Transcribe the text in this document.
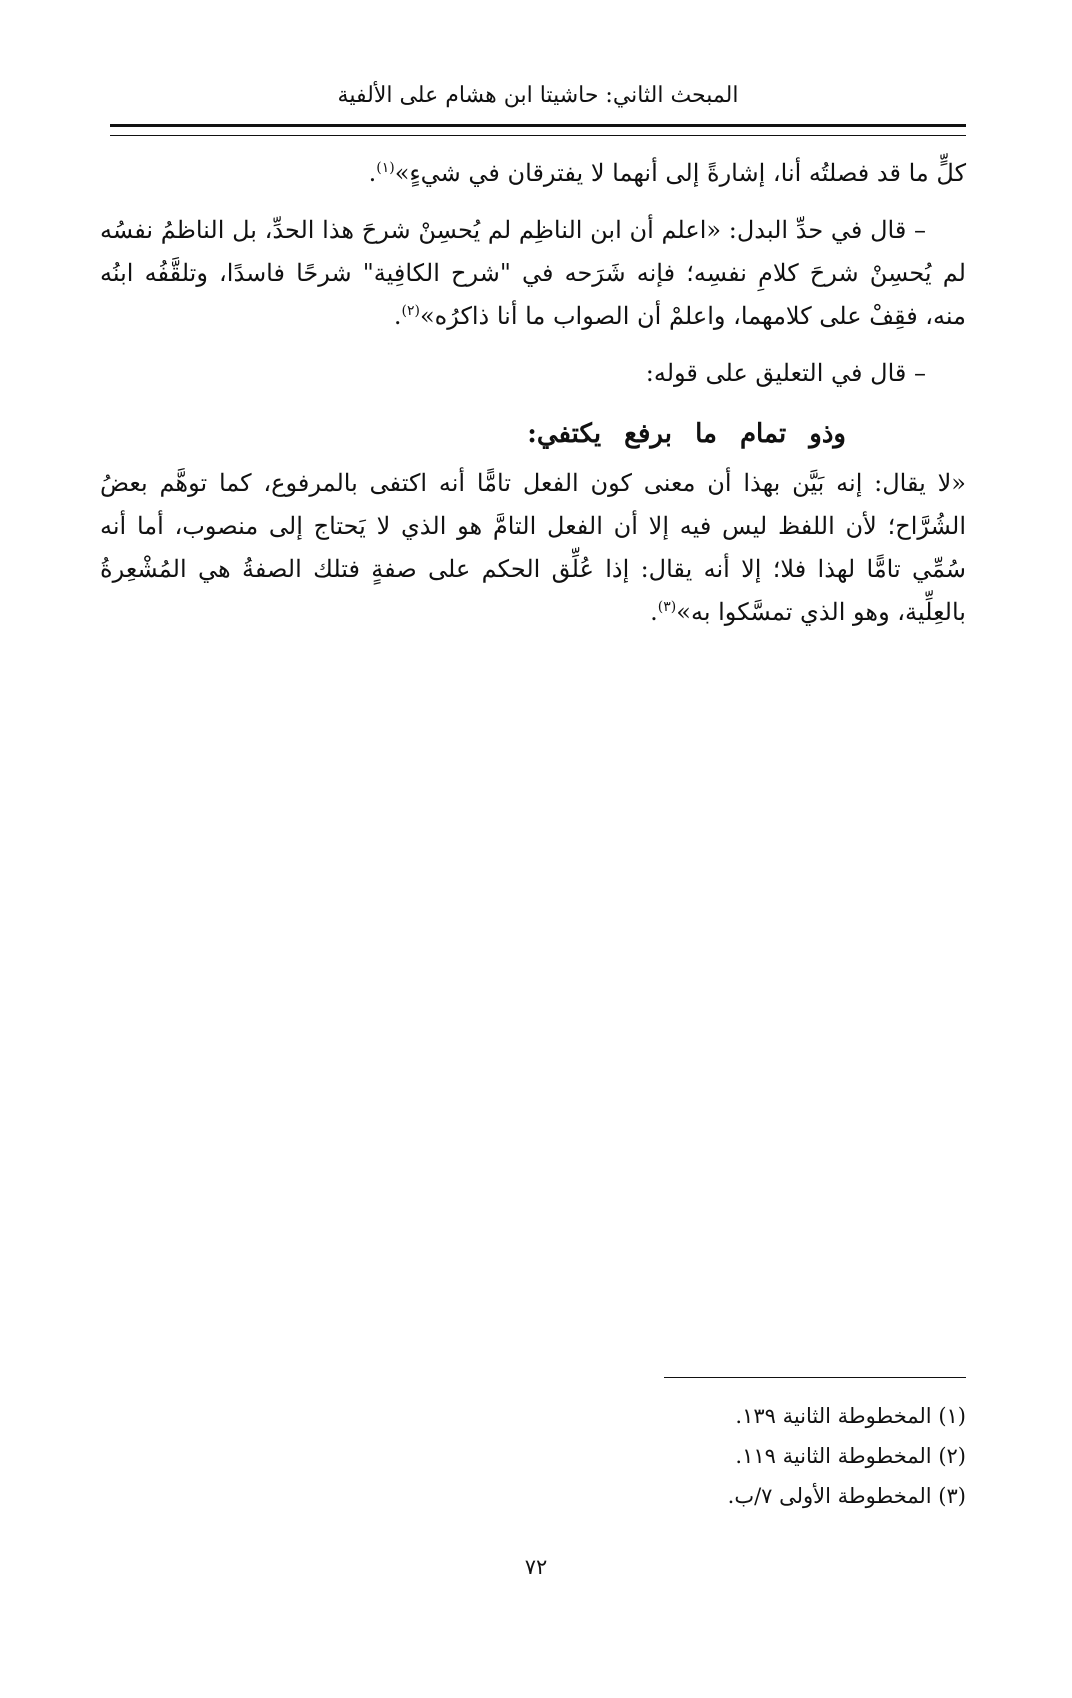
المبحث الثاني: حاشيتا ابن هشام على الألفية

كلٍّ ما قد فصلتُه أنا، إشارةً إلى أنهما لا يفترقان في شيءٍ»$^{(١)}$.

– قال في حدِّ البدل: «اعلم أن ابن الناظِم لم يُحسِنْ شرحَ هذا الحدِّ، بل الناظمُ نفسُه لم يُحسِنْ شرحَ كلامِ نفسِه؛ فإنه شَرَحه في "شرح الكافِية" شرحًا فاسدًا، وتلقَّفُه ابنُه منه، فقِفْ على كلامهما، واعلمْ أن الصواب ما أنا ذاكرُه»$^{(٢)}$.

– قال في التعليق على قوله:

وذو تمام ما برفع يكتفي:

«لا يقال: إنه بَيَّن بهذا أن معنى كون الفعل تامًّا أنه اكتفى بالمرفوع، كما توهَّم بعضُ الشُرَّاح؛ لأن اللفظ ليس فيه إلا أن الفعل التامَّ هو الذي لا يَحتاج إلى منصوب، أما أنه سُمِّي تامًّا لهذا فلا؛ إلا أنه يقال: إذا عُلِّق الحكم على صفةٍ فتلك الصفةُ هي المُشْعِرةُ بالعِلِّية، وهو الذي تمسَّكوا به»$^{(٣)}$.

(١) المخطوطة الثانية ١٣٩.
(٢) المخطوطة الثانية ١١٩.
(٣) المخطوطة الأولى ٧/ب.
٧٢
